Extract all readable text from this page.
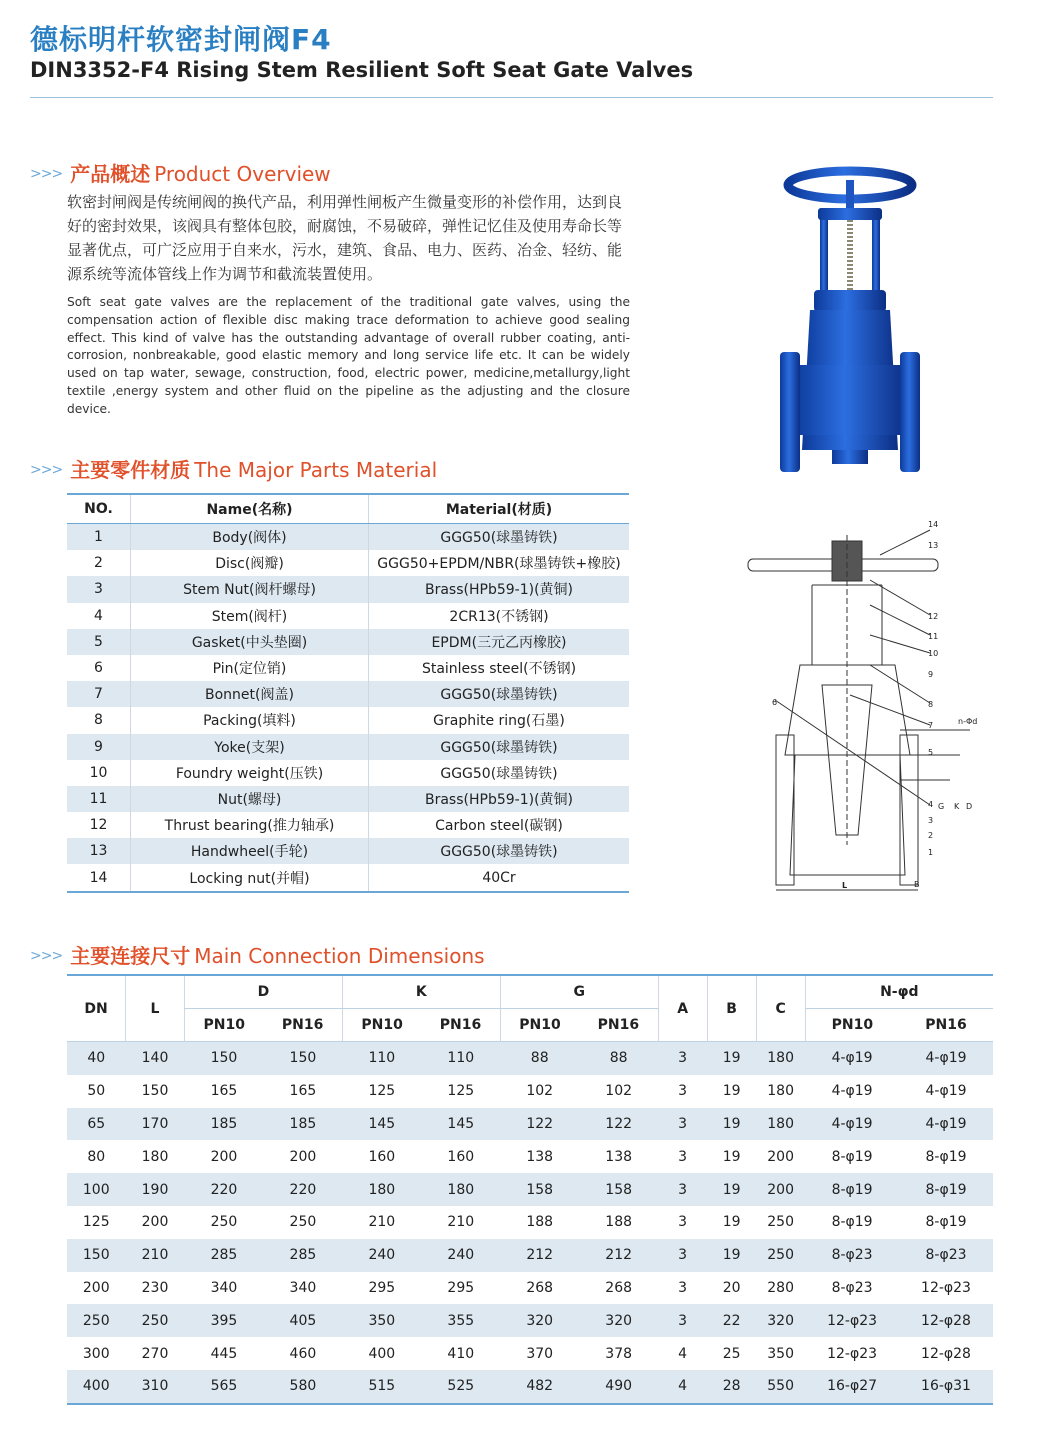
德标明杆软密封闸阀F4
DIN3352-F4 Rising Stem Resilient Soft Seat Gate Valves
>>> 产品概述 Product Overview
软密封闸阀是传统闸阀的换代产品，利用弹性闸板产生微量变形的补偿作用，达到良好的密封效果，该阀具有整体包胶，耐腐蚀，不易破碎，弹性记忆佳及使用寿命长等显著优点，可广泛应用于自来水，污水，建筑、食品、电力、医药、冶金、轻纺、能源系统等流体管线上作为调节和截流装置使用。
Soft seat gate valves are the replacement of the traditional gate valves, using the compensation action of flexible disc making trace deformation to achieve good sealing effect. This kind of valve has the outstanding advantage of overall rubber coating, anti-corrosion, nonbreakable, good elastic memory and long service life etc. It can be widely used on tap water, sewage, construction, food, electric power, medicine,metallurgy,light textile ,energy system and other fluid on the pipeline as the adjusting and the closure device.
14
13
12
11
10
9
8
7
6
5
4
3
2
1
n-Φd
L
G K D
B
>>> 主要零件材质 The Major Parts Material
NO.	Name(名称)	Material(材质)
1	Body(阀体)	GGG50(球墨铸铁)
2	Disc(阀瓣)	GGG50+EPDM/NBR(球墨铸铁+橡胶)
3	Stem Nut(阀杆螺母)	Brass(HPb59-1)(黄铜)
4	Stem(阀杆)	2CR13(不锈钢)
5	Gasket(中头垫圈)	EPDM(三元乙丙橡胶)
6	Pin(定位销)	Stainless steel(不锈钢)
7	Bonnet(阀盖)	GGG50(球墨铸铁)
8	Packing(填料)	Graphite ring(石墨)
9	Yoke(支架)	GGG50(球墨铸铁)
10	Foundry weight(压铁)	GGG50(球墨铸铁)
11	Nut(螺母)	Brass(HPb59-1)(黄铜)
12	Thrust bearing(推力轴承)	Carbon steel(碳钢)
13	Handwheel(手轮)	GGG50(球墨铸铁)
14	Locking nut(并帽)	40Cr
>>> 主要连接尺寸 Main Connection Dimensions
DN	L	D		K		G		A	B	C	N-φd	
		PN10	PN16	PN10	PN16	PN10	PN16				PN10	PN16
40	140	150	150	110	110	88	88	3	19	180	4-φ19	4-φ19
50	150	165	165	125	125	102	102	3	19	180	4-φ19	4-φ19
65	170	185	185	145	145	122	122	3	19	180	4-φ19	4-φ19
80	180	200	200	160	160	138	138	3	19	200	8-φ19	8-φ19
100	190	220	220	180	180	158	158	3	19	200	8-φ19	8-φ19
125	200	250	250	210	210	188	188	3	19	250	8-φ19	8-φ19
150	210	285	285	240	240	212	212	3	19	250	8-φ23	8-φ23
200	230	340	340	295	295	268	268	3	20	280	8-φ23	12-φ23
250	250	395	405	350	355	320	320	3	22	320	12-φ23	12-φ28
300	270	445	460	400	410	370	378	4	25	350	12-φ23	12-φ28
400	310	565	580	515	525	482	490	4	28	550	16-φ27	16-φ31
